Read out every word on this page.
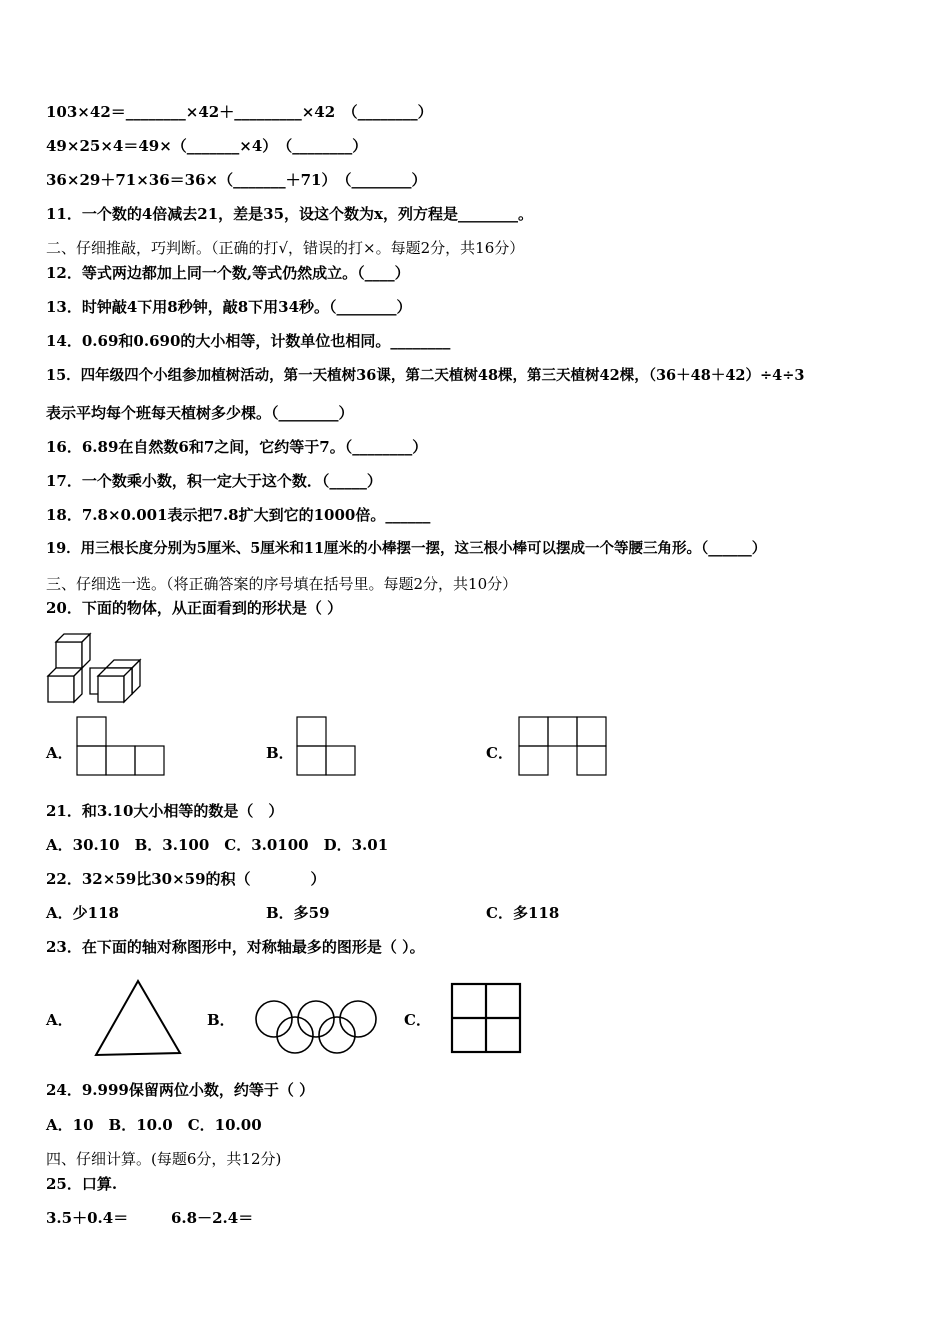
103×42＝________×42＋_________×42　（________）
49×25×4＝49×（_______×4）　（________）
36×29＋71×36＝36×（_______＋71）　（________）
11．一个数的4倍减去21，差是35，设这个数为x，列方程是________。
二、仔细推敲，巧判断。（正确的打√，错误的打×。每题2分，共16分）
12．等式两边都加上同一个数,等式仍然成立。（____）
13．时钟敲4下用8秒钟，敲8下用34秒。（________）
14．0.69和0.690的大小相等，计数单位也相同。________
15．四年级四个小组参加植树活动，第一天植树36课，第二天植树48棵，第三天植树42棵，（36＋48＋42）÷4÷3
表示平均每个班每天植树多少棵。（________）
16．6.89在自然数6和7之间，它约等于7。（________）
17．一个数乘小数，积一定大于这个数．（_____）
18．7.8×0.001表示把7.8扩大到它的1000倍。______
19．用三根长度分别为5厘米、5厘米和11厘米的小棒摆一摆，这三根小棒可以摆成一个等腰三角形。（______）
三、仔细选一选。（将正确答案的序号填在括号里。每题2分，共10分）
20．下面的物体，从正面看到的形状是（ ）
A．	B．	C．
21．和3.10大小相等的数是（　）
A．30.10　B．3.100　C．3.0100　D．3.01
22．32×59比30×59的积（　　　　）
A．少118	B．多59	C．多118
23．在下面的轴对称图形中，对称轴最多的图形是（ ）。
A．	B．	C．
24．9.999保留两位小数，约等于（ ）
A．10　B．10.0　C．10.00
四、仔细计算。(每题6分，共12分)
25．口算.
3.5＋0.4＝	6.8－2.4＝
